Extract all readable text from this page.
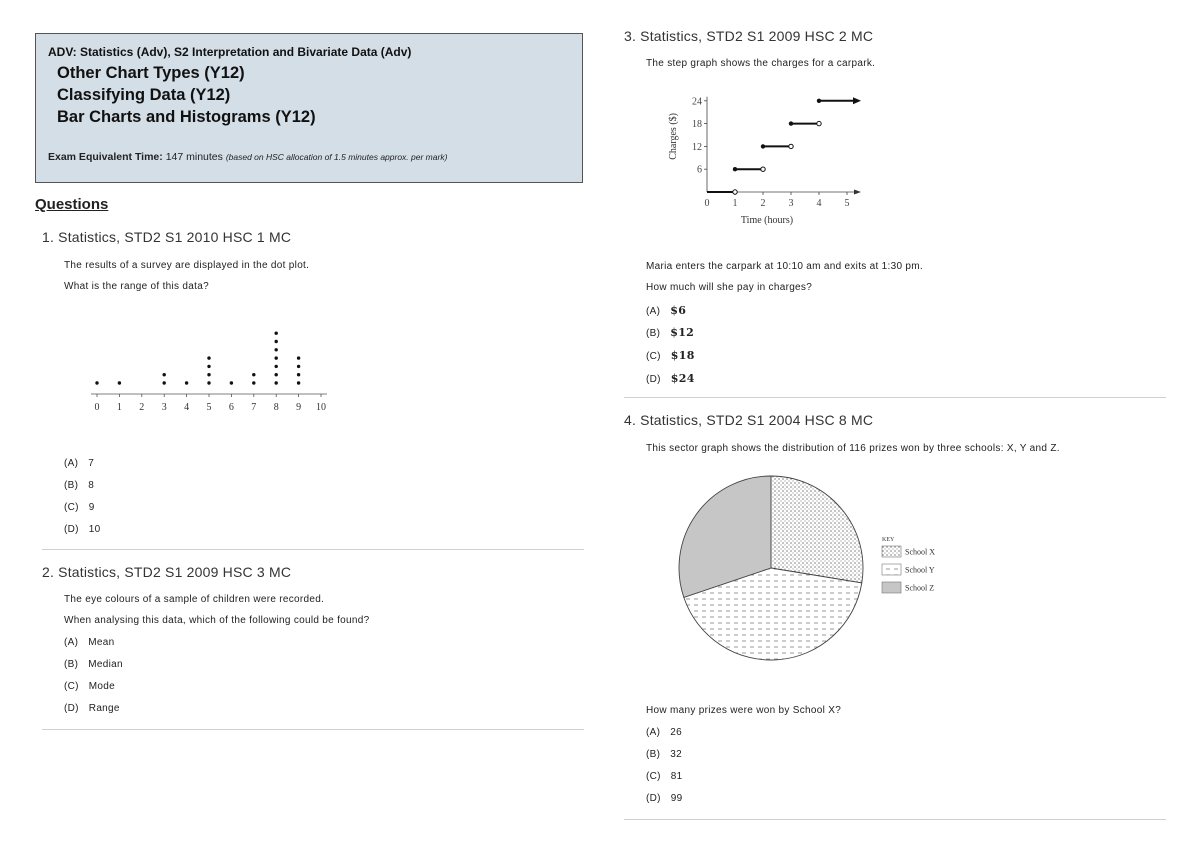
ADV: Statistics (Adv), S2 Interpretation and Bivariate Data (Adv)
Other Chart Types (Y12)
Classifying Data (Y12)
Bar Charts and Histograms (Y12)
Exam Equivalent Time: 147 minutes (based on HSC allocation of 1.5 minutes approx. per mark)
Questions
1. Statistics, STD2 S1 2010 HSC 1 MC
The results of a survey are displayed in the dot plot.
What is the range of this data?
0 1 2 3 4 5 6 7 8 9 10
(A) 7
(B) 8
(C) 9
(D) 10
2. Statistics, STD2 S1 2009 HSC 3 MC
The eye colours of a sample of children were recorded.
When analysing this data, which of the following could be found?
(A) Mean
(B) Median
(C) Mode
(D) Range
3. Statistics, STD2 S1 2009 HSC 2 MC
The step graph shows the charges for a carpark.
0 1 2 3 4 5
6
12
18
24
Time (hours)
Charges ($)
Maria enters the carpark at 10:10 am and exits at 1:30 pm.
How much will she pay in charges?
(A) $6
(B) $12
(C) $18
(D) $24
4. Statistics, STD2 S1 2004 HSC 8 MC
This sector graph shows the distribution of 116 prizes won by three schools: X, Y and Z.
KEY
School X
School Y
School Z
How many prizes were won by School X?
(A) 26
(B) 32
(C) 81
(D) 99
